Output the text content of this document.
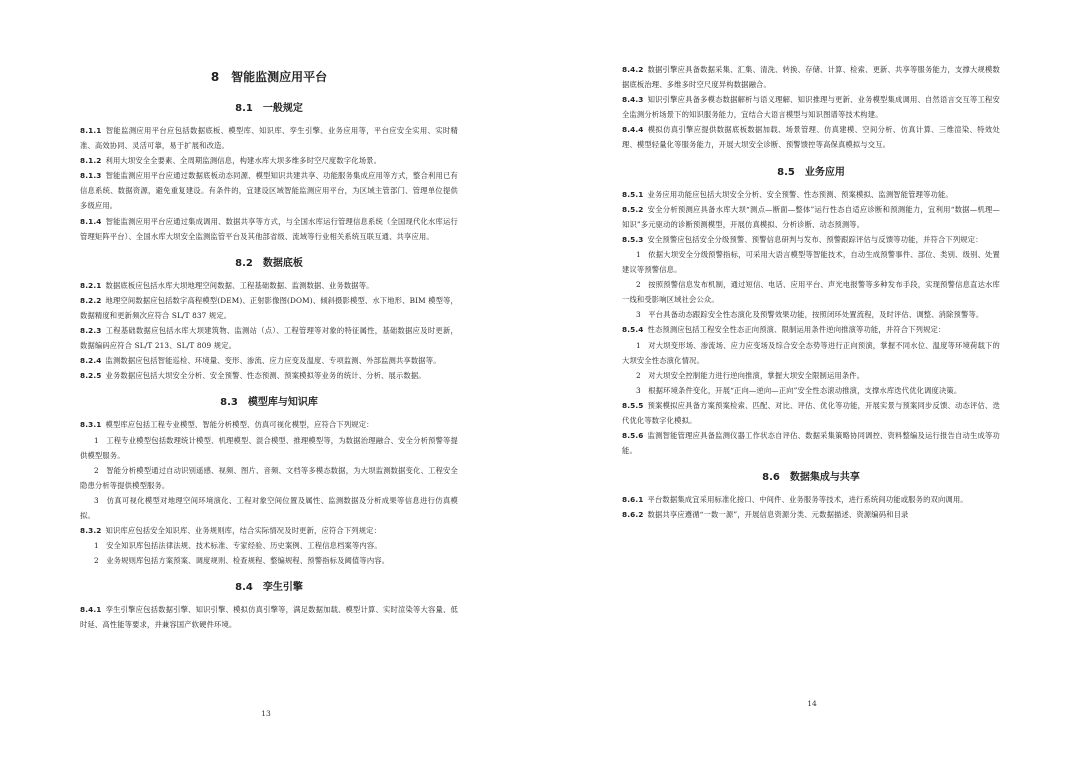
8　智能监测应用平台
8.1　一般规定

8.1.1 智能监测应用平台应包括数据底板、模型库、知识库、孪生引擎、业务应用等，平台应安全实用、实时精准、高效协同、灵活可靠，易于扩展和改造。

8.1.2 利用大坝安全全要素、全周期监测信息，构建水库大坝多维多时空尺度数字化场景。

8.1.3 智能监测应用平台应通过数据底板动态同源、模型知识共建共享、功能服务集成应用等方式，整合利用已有信息系统、数据资源，避免重复建设。有条件的，宜建设区域智能监测应用平台，为区域主管部门、管理单位提供多级应用。

8.1.4 智能监测应用平台应通过集成调用、数据共享等方式，与全国水库运行管理信息系统（全国现代化水库运行管理矩阵平台）、全国水库大坝安全监测监管平台及其他部省级、流域等行业相关系统互联互通、共享应用。

8.2　数据底板

8.2.1 数据底板应包括水库大坝地理空间数据、工程基础数据、监测数据、业务数据等。

8.2.2 地理空间数据应包括数字高程模型(DEM)、正射影像图(DOM)、倾斜摄影模型、水下地形、BIM 模型等，数据精度和更新频次应符合 SL/T 837 规定。

8.2.3 工程基础数据应包括水库大坝建筑物、监测站（点）、工程管理等对象的特征属性，基础数据应及时更新，数据编码应符合 SL/T 213、SL/T 809 规定。

8.2.4 监测数据应包括智能巡检、环境量、变形、渗流、应力应变及温度、专项监测、外部监测共享数据等。

8.2.5 业务数据应包括大坝安全分析、安全预警、性态预测、预案模拟等业务的统计、分析、展示数据。

8.3　模型库与知识库

8.3.1 模型库应包括工程专业模型、智能分析模型、仿真可视化模型，应符合下列规定：

1　工程专业模型包括数理统计模型、机理模型、混合模型、推理模型等，为数据治理融合、安全分析预警等提供模型服务。

2　智能分析模型通过自动识别遥感、视频、图片、音频、文档等多模态数据，为大坝监测数据变化、工程安全隐患分析等提供模型服务。

3　仿真可视化模型对地理空间环境演化、工程对象空间位置及属性、监测数据及分析成果等信息进行仿真模拟。

8.3.2 知识库应包括安全知识库、业务规则库，结合实际情况及时更新，应符合下列规定：

1　安全知识库包括法律法规、技术标准、专家经验、历史案例、工程信息档案等内容。

2　业务规则库包括方案预案、调度规则、检查规程、整编规程、预警指标及阈值等内容。

8.4　孪生引擎

8.4.1 孪生引擎应包括数据引擎、知识引擎、模拟仿真引擎等，满足数据加载、模型计算、实时渲染等大容量、低时延、高性能等要求，并兼容国产软硬件环境。

13

8.4.2 数据引擎应具备数据采集、汇集、清洗、转换、存储、计算、检索、更新、共享等服务能力，支撑大规模数据底板治理、多维多时空尺度异构数据融合。

8.4.3 知识引擎应具备多模态数据解析与语义理解、知识推理与更新、业务模型集成调用、自然语言交互等工程安全监测分析场景下的知识服务能力，宜结合大语言模型与知识图谱等技术构建。

8.4.4 模拟仿真引擎应提供数据底板数据加载、场景管理、仿真建模、空间分析、仿真计算、三维渲染、特效处理、模型轻量化等服务能力，开展大坝安全诊断、预警馈控等高保真模拟与交互。

8.5　业务应用

8.5.1 业务应用功能应包括大坝安全分析、安全预警、性态预测、预案模拟、监测智能管理等功能。

8.5.2 安全分析预测应具备水库大坝“测点—断面—整体”运行性态自适应诊断和预测能力，宜利用“数据—机理—知识”多元驱动的诊断预测模型，开展仿真模拟、分析诊断、动态预测等。

8.5.3 安全预警应包括安全分级预警、预警信息研判与发布、预警跟踪评估与反馈等功能，并符合下列规定：

1　依据大坝安全分级预警指标，可采用大语言模型等智能技术，自动生成预警事件、部位、类别、级别、处置建议等预警信息。

2　按照预警信息发布机制，通过短信、电话、应用平台、声光电报警等多种发布手段，实现预警信息直达水库一线和受影响区域社会公众。

3　平台具备动态跟踪安全性态演化及预警效果功能，按照闭环处置流程，及时评估、调整、消除预警等。

8.5.4 性态预测应包括工程安全性态正向预演、限制运用条件逆向推演等功能，并符合下列规定：

1　对大坝变形场、渗流场、应力应变场及综合安全态势等进行正向预演，掌握不同水位、温度等环境荷载下的大坝安全性态演化情况。

2　对大坝安全控制能力进行逆向推演，掌握大坝安全限制运用条件。

3　根据环境条件变化，开展“正向—逆向—正向”安全性态滚动推演，支撑水库迭代优化调度决策。

8.5.5 预案模拟应具备方案预案检索、匹配、对比、评估、优化等功能，开展实景与预案同步反馈、动态评估、迭代优化等数字化模拟。

8.5.6 监测智能管理应具备监测仪器工作状态自评估、数据采集策略协同调控、资料整编及运行报告自动生成等功能。

8.6　数据集成与共享

8.6.1 平台数据集成宜采用标准化接口、中间件、业务服务等技术，进行系统间功能或服务的双向调用。

8.6.2 数据共享应遵循“一数一源”，开展信息资源分类、元数据描述、资源编码和目录

14
